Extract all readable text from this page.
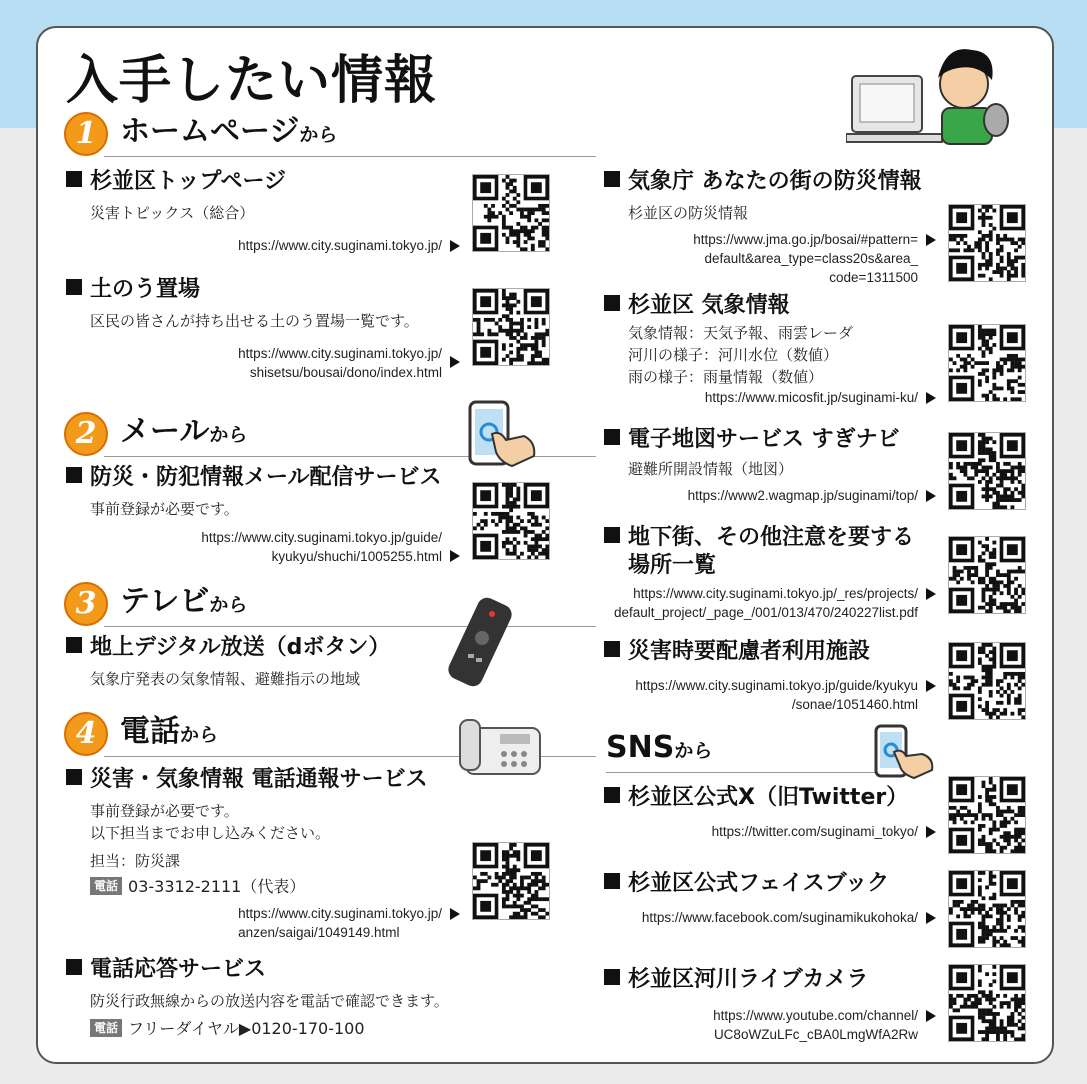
入手したい情報
1 ホームページから
杉並区トップページ
災害トピックス（総合）
https://www.city.suginami.tokyo.jp/
土のう置場
区民の皆さんが持ち出せる土のう置場一覧です。
https://www.city.suginami.tokyo.jp/
shisetsu/bousai/dono/index.html
2 メールから
防災・防犯情報メール配信サービス
事前登録が必要です。
https://www.city.suginami.tokyo.jp/guide/
kyukyu/shuchi/1005255.html
3 テレビから
地上デジタル放送（dボタン）
気象庁発表の気象情報、避難指示の地域
4 電話から
災害・気象情報 電話通報サービス
事前登録が必要です。
以下担当までお申し込みください。
担当：防災課
電話 03-3312-2111（代表）
https://www.city.suginami.tokyo.jp/
anzen/saigai/1049149.html
電話応答サービス
防災行政無線からの放送内容を電話で確認できます。
電話 フリーダイヤル▶0120-170-100
気象庁 あなたの街の防災情報
杉並区の防災情報
https://www.jma.go.jp/bosai/#pattern=
default&area_type=class20s&area_
code=1311500
杉並区 気象情報
気象情報：天気予報、雨雲レーダ
河川の様子：河川水位（数値）
雨の様子：雨量情報（数値）
https://www.micosfit.jp/suginami-ku/
電子地図サービス すぎナビ
避難所開設情報（地図）
https://www2.wagmap.jp/suginami/top/
地下街、その他注意を要する
場所一覧
https://www.city.suginami.tokyo.jp/_res/projects/
default_project/_page_/001/013/470/240227list.pdf
災害時要配慮者利用施設
https://www.city.suginami.tokyo.jp/guide/kyukyu
/sonae/1051460.html
SNSから
杉並区公式X（旧Twitter）
https://twitter.com/suginami_tokyo/
杉並区公式フェイスブック
https://www.facebook.com/suginamikukohoka/
杉並区河川ライブカメラ
https://www.youtube.com/channel/
UC8oWZuLFc_cBA0LmgWfA2Rw
